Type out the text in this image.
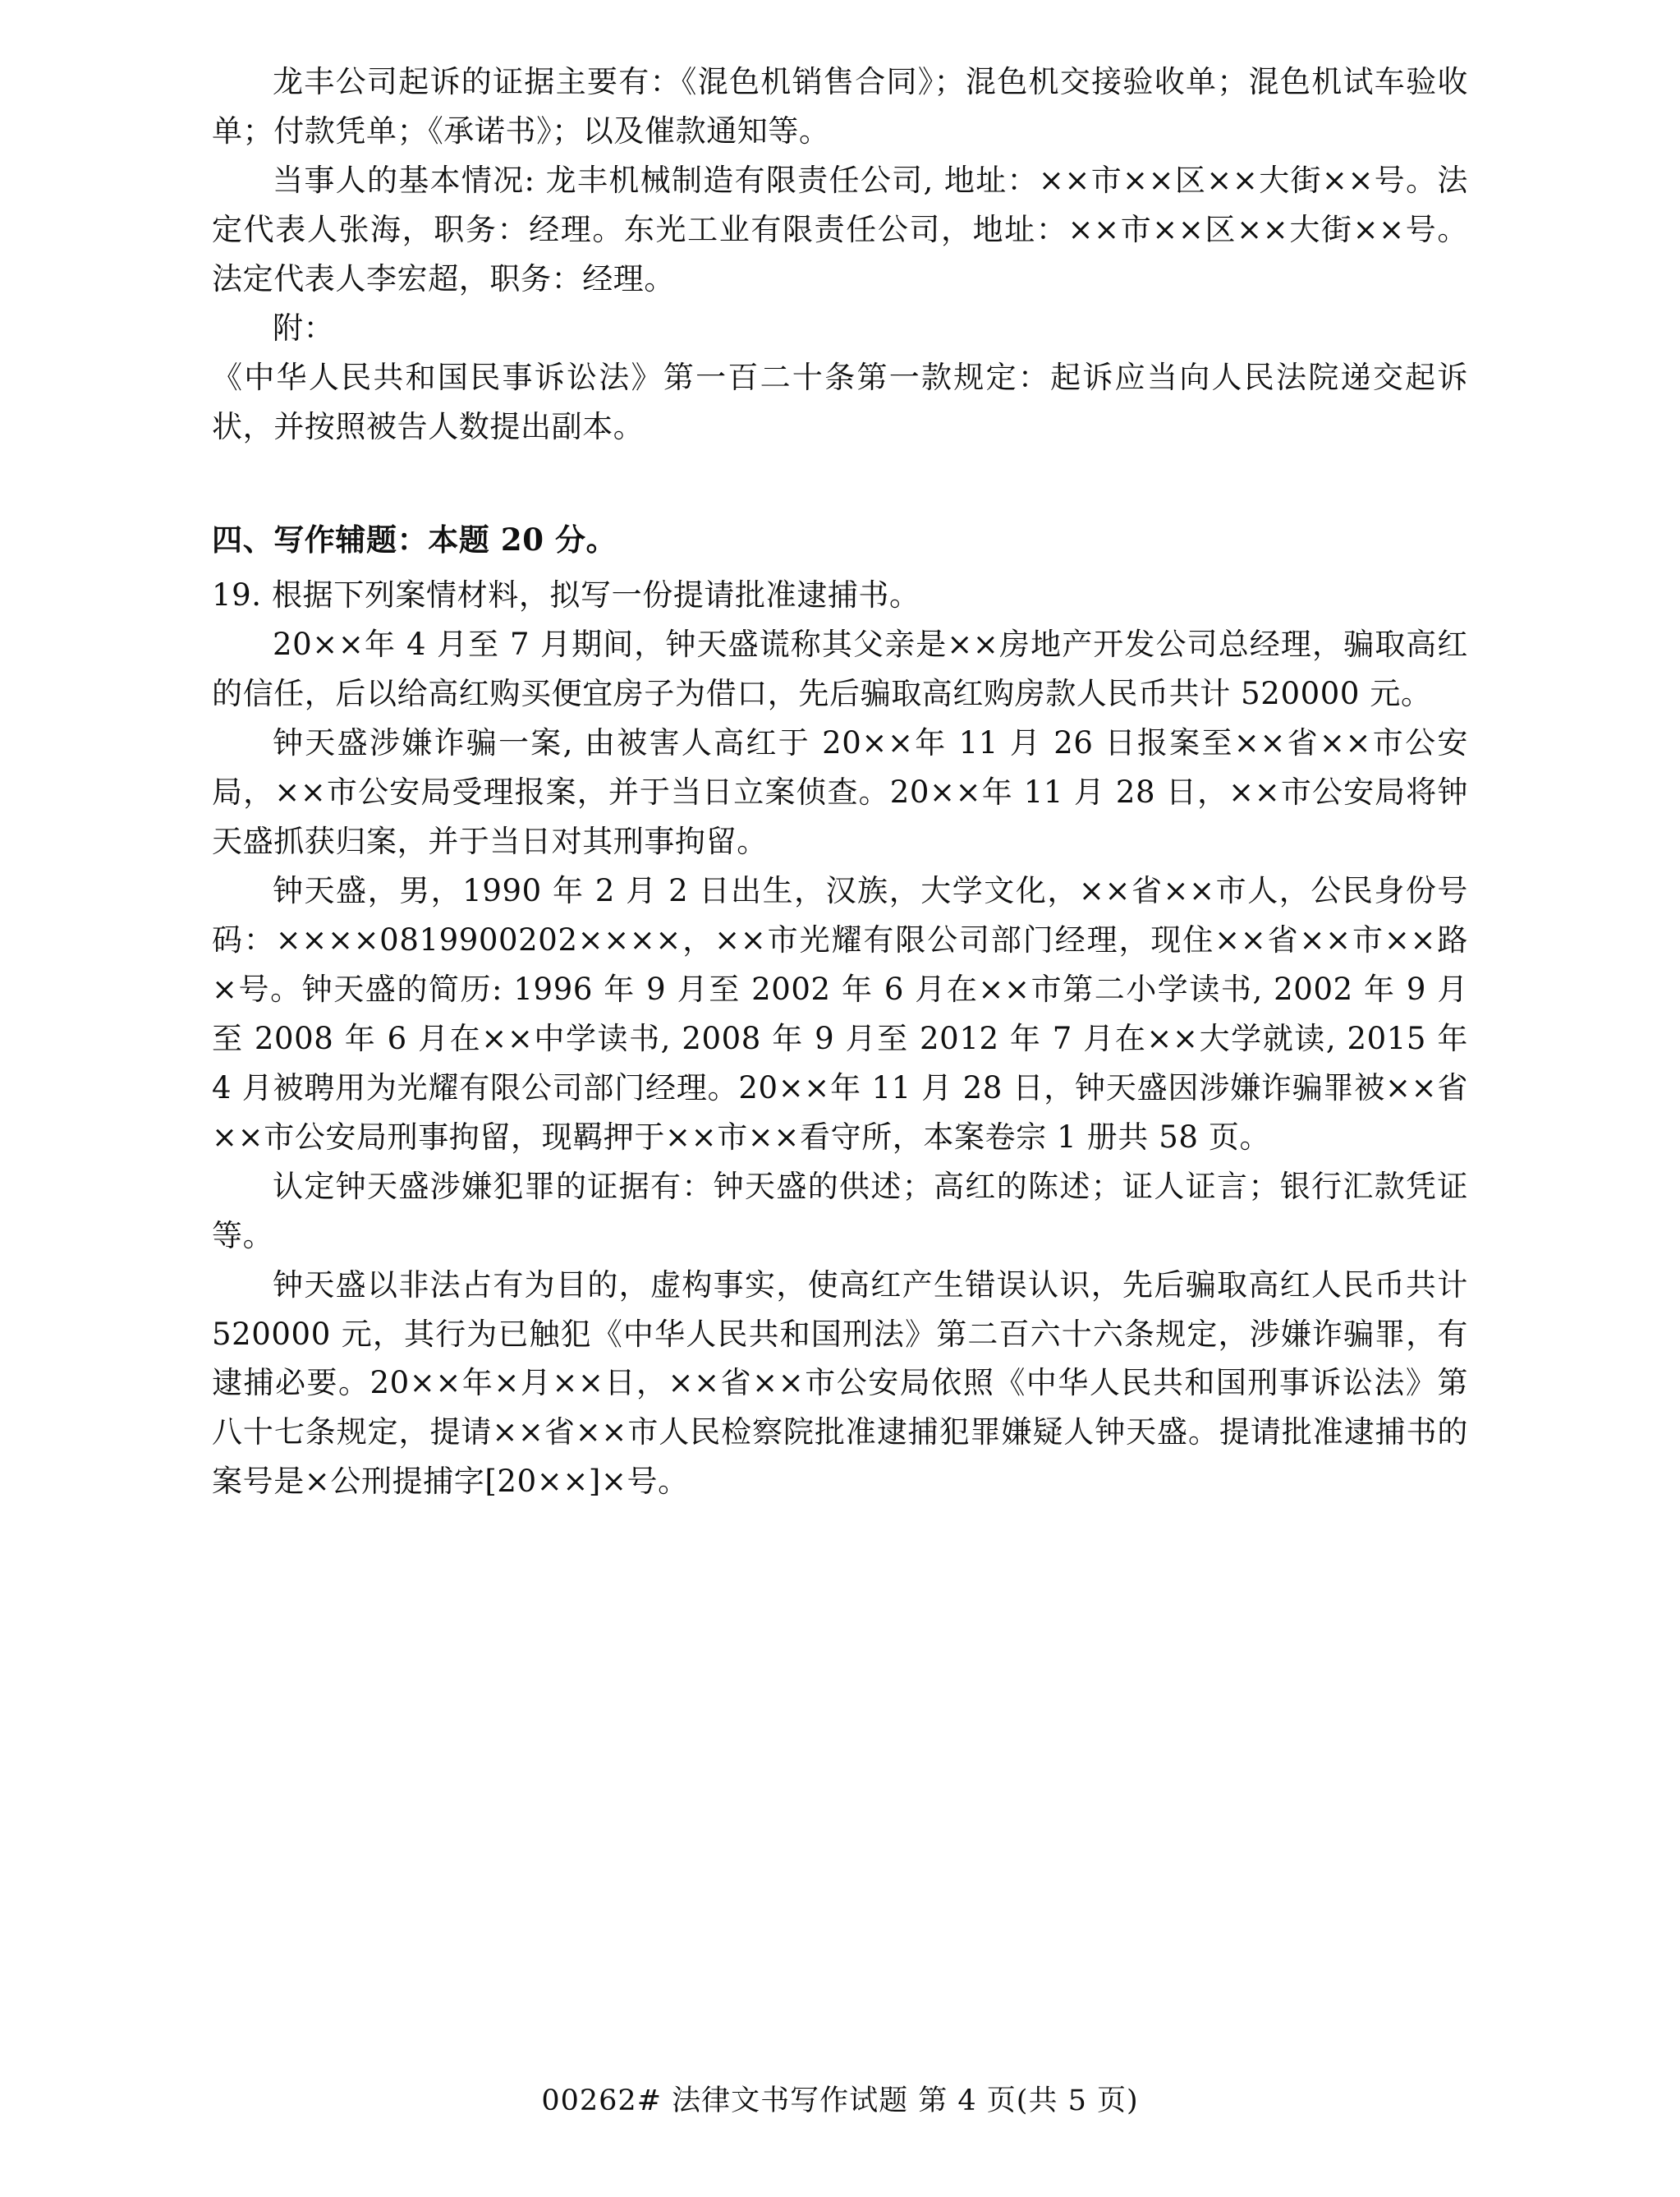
龙丰公司起诉的证据主要有：《混色机销售合同》；混色机交接验收单；混色机试车验收单；付款凭单；《承诺书》；以及催款通知等。

当事人的基本情况: 龙丰机械制造有限责任公司, 地址：××市××区××大街××号。法定代表人张海，职务：经理。东光工业有限责任公司，地址：××市××区××大街××号。法定代表人李宏超，职务：经理。

附：

《中华人民共和国民事诉讼法》第一百二十条第一款规定：起诉应当向人民法院递交起诉状，并按照被告人数提出副本。

四、写作辅题：本题 20 分。

19. 根据下列案情材料，拟写一份提请批准逮捕书。

20××年 4 月至 7 月期间，钟天盛谎称其父亲是××房地产开发公司总经理，骗取高红的信任，后以给高红购买便宜房子为借口，先后骗取高红购房款人民币共计 520000 元。

钟天盛涉嫌诈骗一案, 由被害人高红于 20××年 11 月 26 日报案至××省××市公安局，××市公安局受理报案，并于当日立案侦查。20××年 11 月 28 日，××市公安局将钟天盛抓获归案，并于当日对其刑事拘留。

钟天盛，男，1990 年 2 月 2 日出生，汉族，大学文化，××省××市人，公民身份号码：××××0819900202××××，××市光耀有限公司部门经理，现住××省××市××路×号。钟天盛的简历: 1996 年 9 月至 2002 年 6 月在××市第二小学读书, 2002 年 9 月至 2008 年 6 月在××中学读书, 2008 年 9 月至 2012 年 7 月在××大学就读, 2015 年 4 月被聘用为光耀有限公司部门经理。20××年 11 月 28 日，钟天盛因涉嫌诈骗罪被××省××市公安局刑事拘留，现羁押于××市××看守所，本案卷宗 1 册共 58 页。

认定钟天盛涉嫌犯罪的证据有：钟天盛的供述；高红的陈述；证人证言；银行汇款凭证等。

钟天盛以非法占有为目的，虚构事实，使高红产生错误认识，先后骗取高红人民币共计 520000 元，其行为已触犯《中华人民共和国刑法》第二百六十六条规定，涉嫌诈骗罪，有逮捕必要。20××年×月××日，××省××市公安局依照《中华人民共和国刑事诉讼法》第八十七条规定，提请××省××市人民检察院批准逮捕犯罪嫌疑人钟天盛。提请批准逮捕书的案号是×公刑提捕字[20××]×号。

00262# 法律文书写作试题 第 4 页(共 5 页)
